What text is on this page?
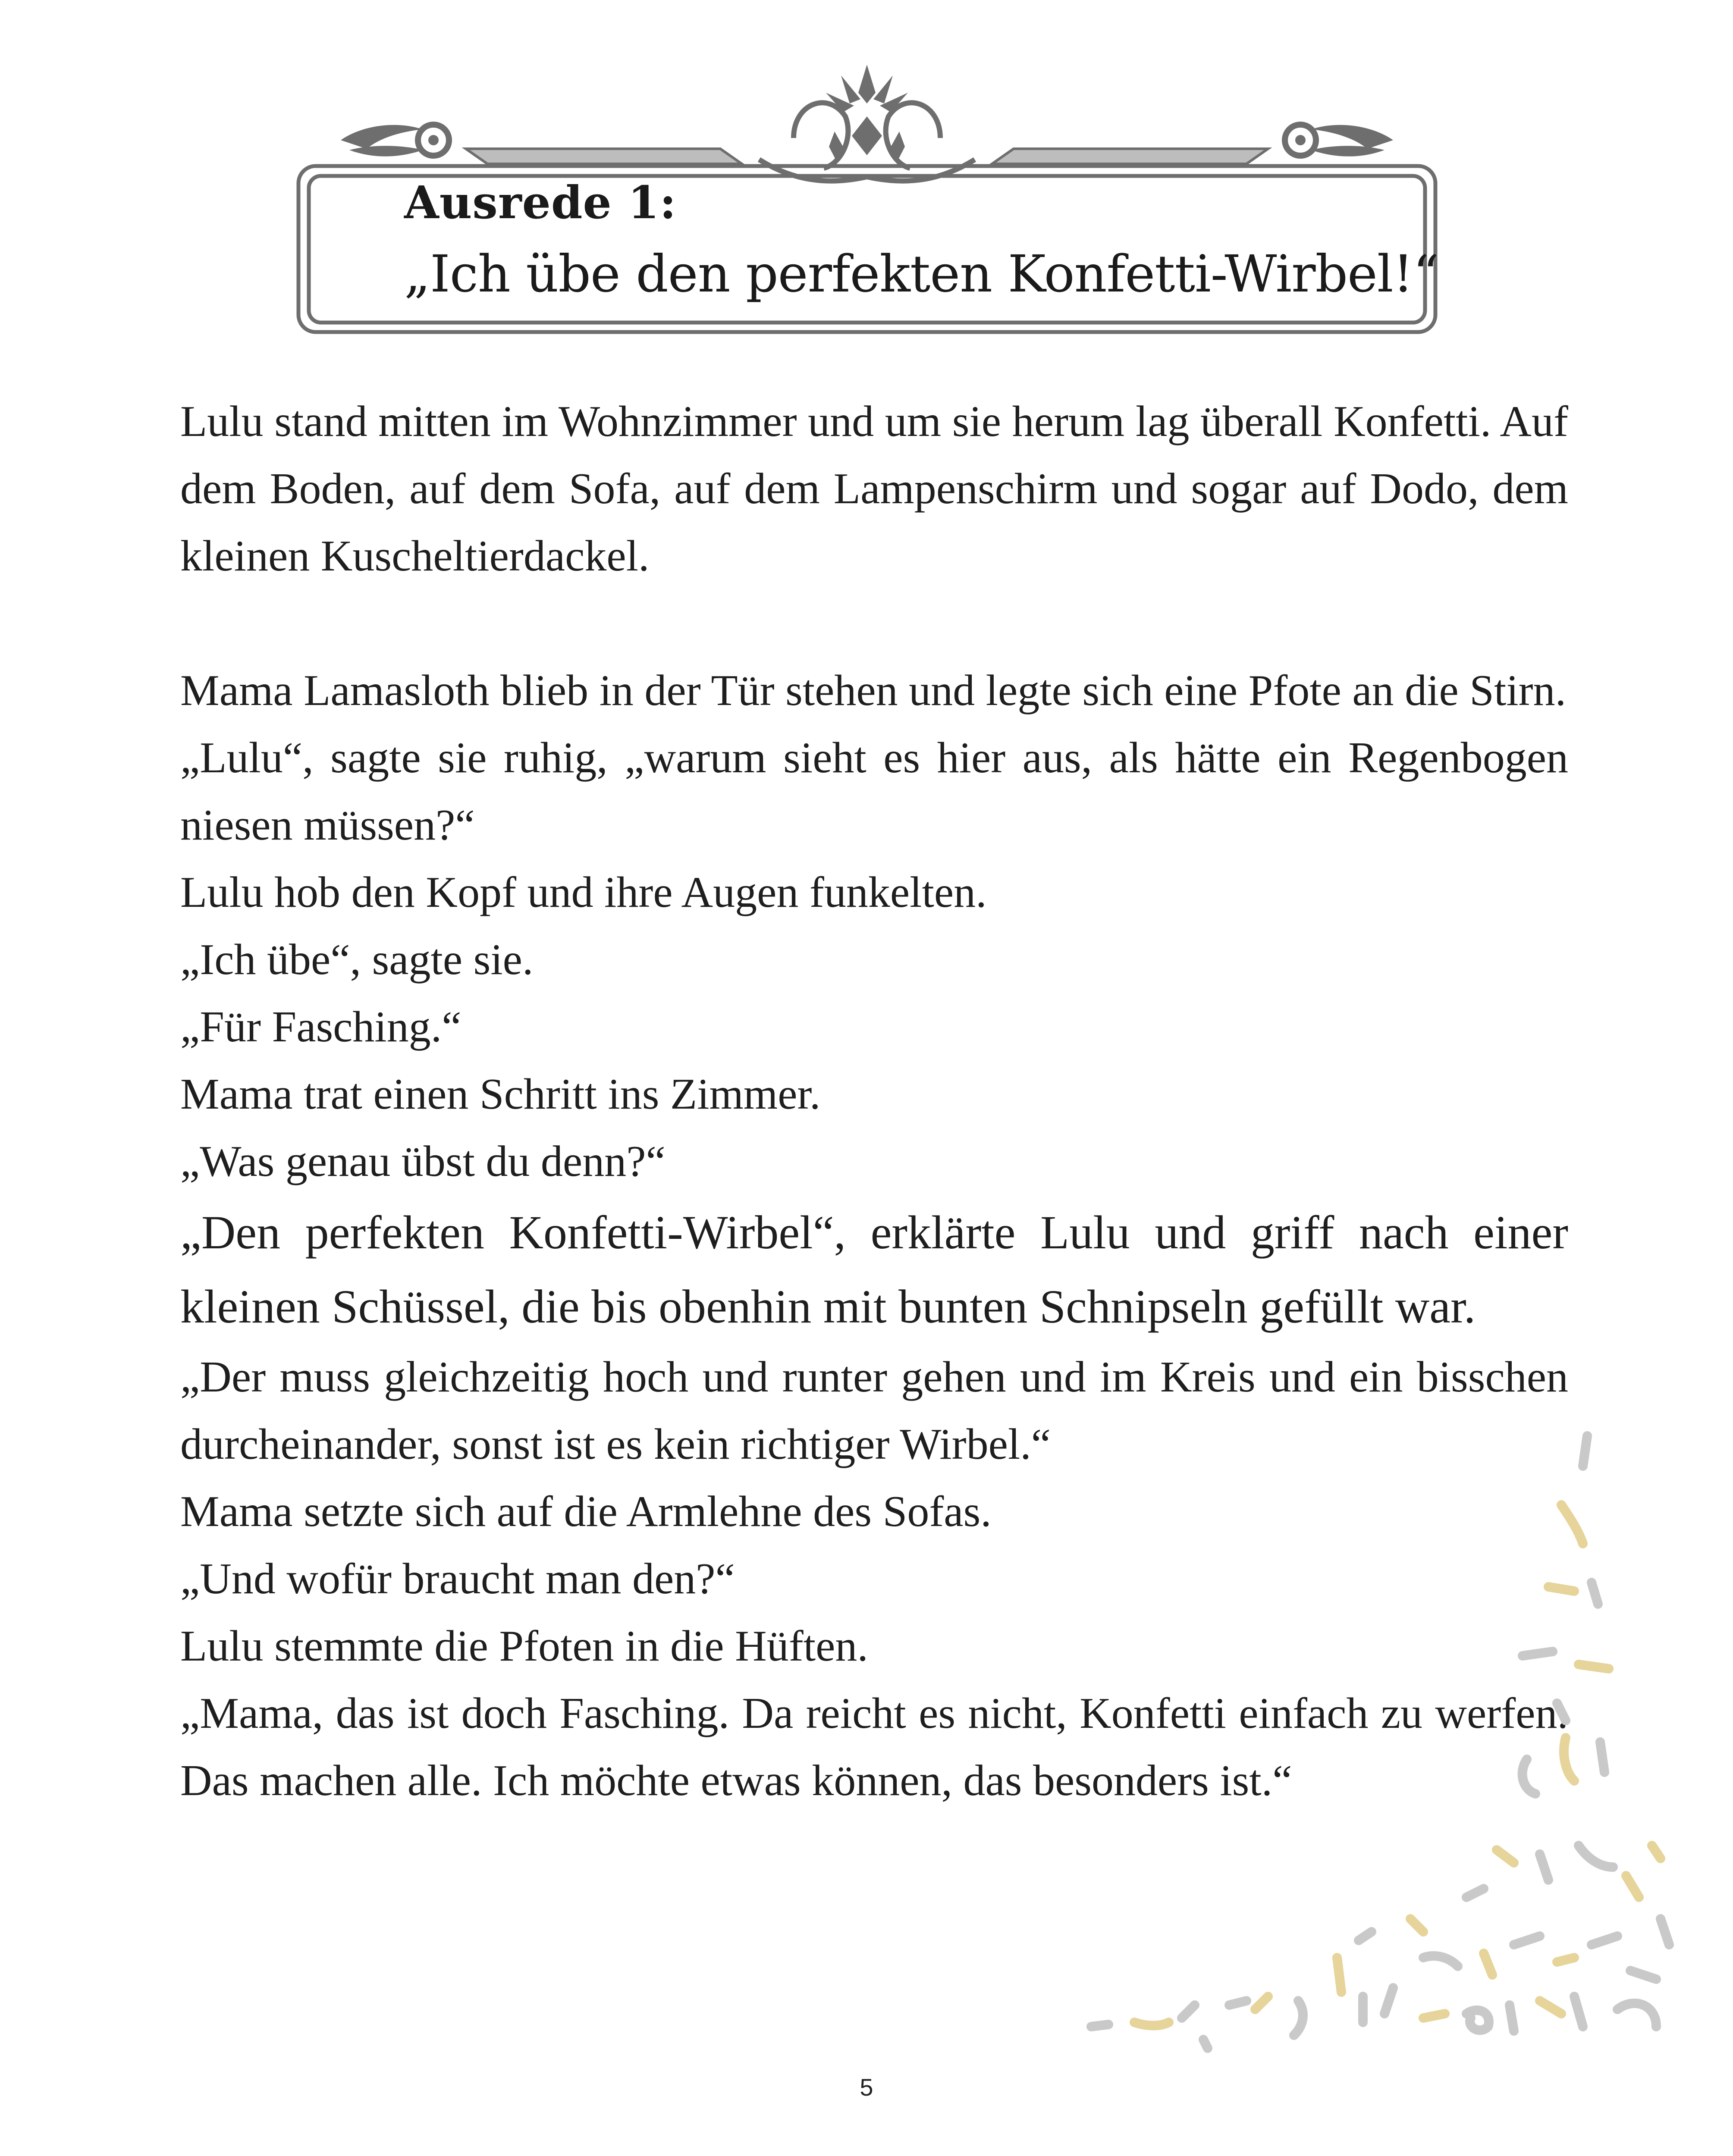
Ausrede 1:
„Ich übe den perfekten Konfetti-Wirbel!“

Lulu stand mitten im Wohnzimmer und um sie herum lag überall Konfetti. Auf dem Boden, auf dem Sofa, auf dem Lampenschirm und sogar auf Dodo, dem kleinen Kuscheltierdackel.

Mama Lamasloth blieb in der Tür stehen und legte sich eine Pfote an die Stirn.

„Lulu“, sagte sie ruhig, „warum sieht es hier aus, als hätte ein Regenbogen niesen müssen?“

Lulu hob den Kopf und ihre Augen funkelten.

„Ich übe“, sagte sie.

„Für Fasching.“

Mama trat einen Schritt ins Zimmer.

„Was genau übst du denn?“

„Den perfekten Konfetti-Wirbel“, erklärte Lulu und griff nach einer kleinen Schüssel, die bis obenhin mit bunten Schnipseln gefüllt war.

„Der muss gleichzeitig hoch und runter gehen und im Kreis und ein bisschen durcheinander, sonst ist es kein richtiger Wirbel.“

Mama setzte sich auf die Armlehne des Sofas.

„Und wofür braucht man den?“

Lulu stemmte die Pfoten in die Hüften.

„Mama, das ist doch Fasching. Da reicht es nicht, Konfetti einfach zu werfen. Das machen alle. Ich möchte etwas können, das besonders ist.“

5
